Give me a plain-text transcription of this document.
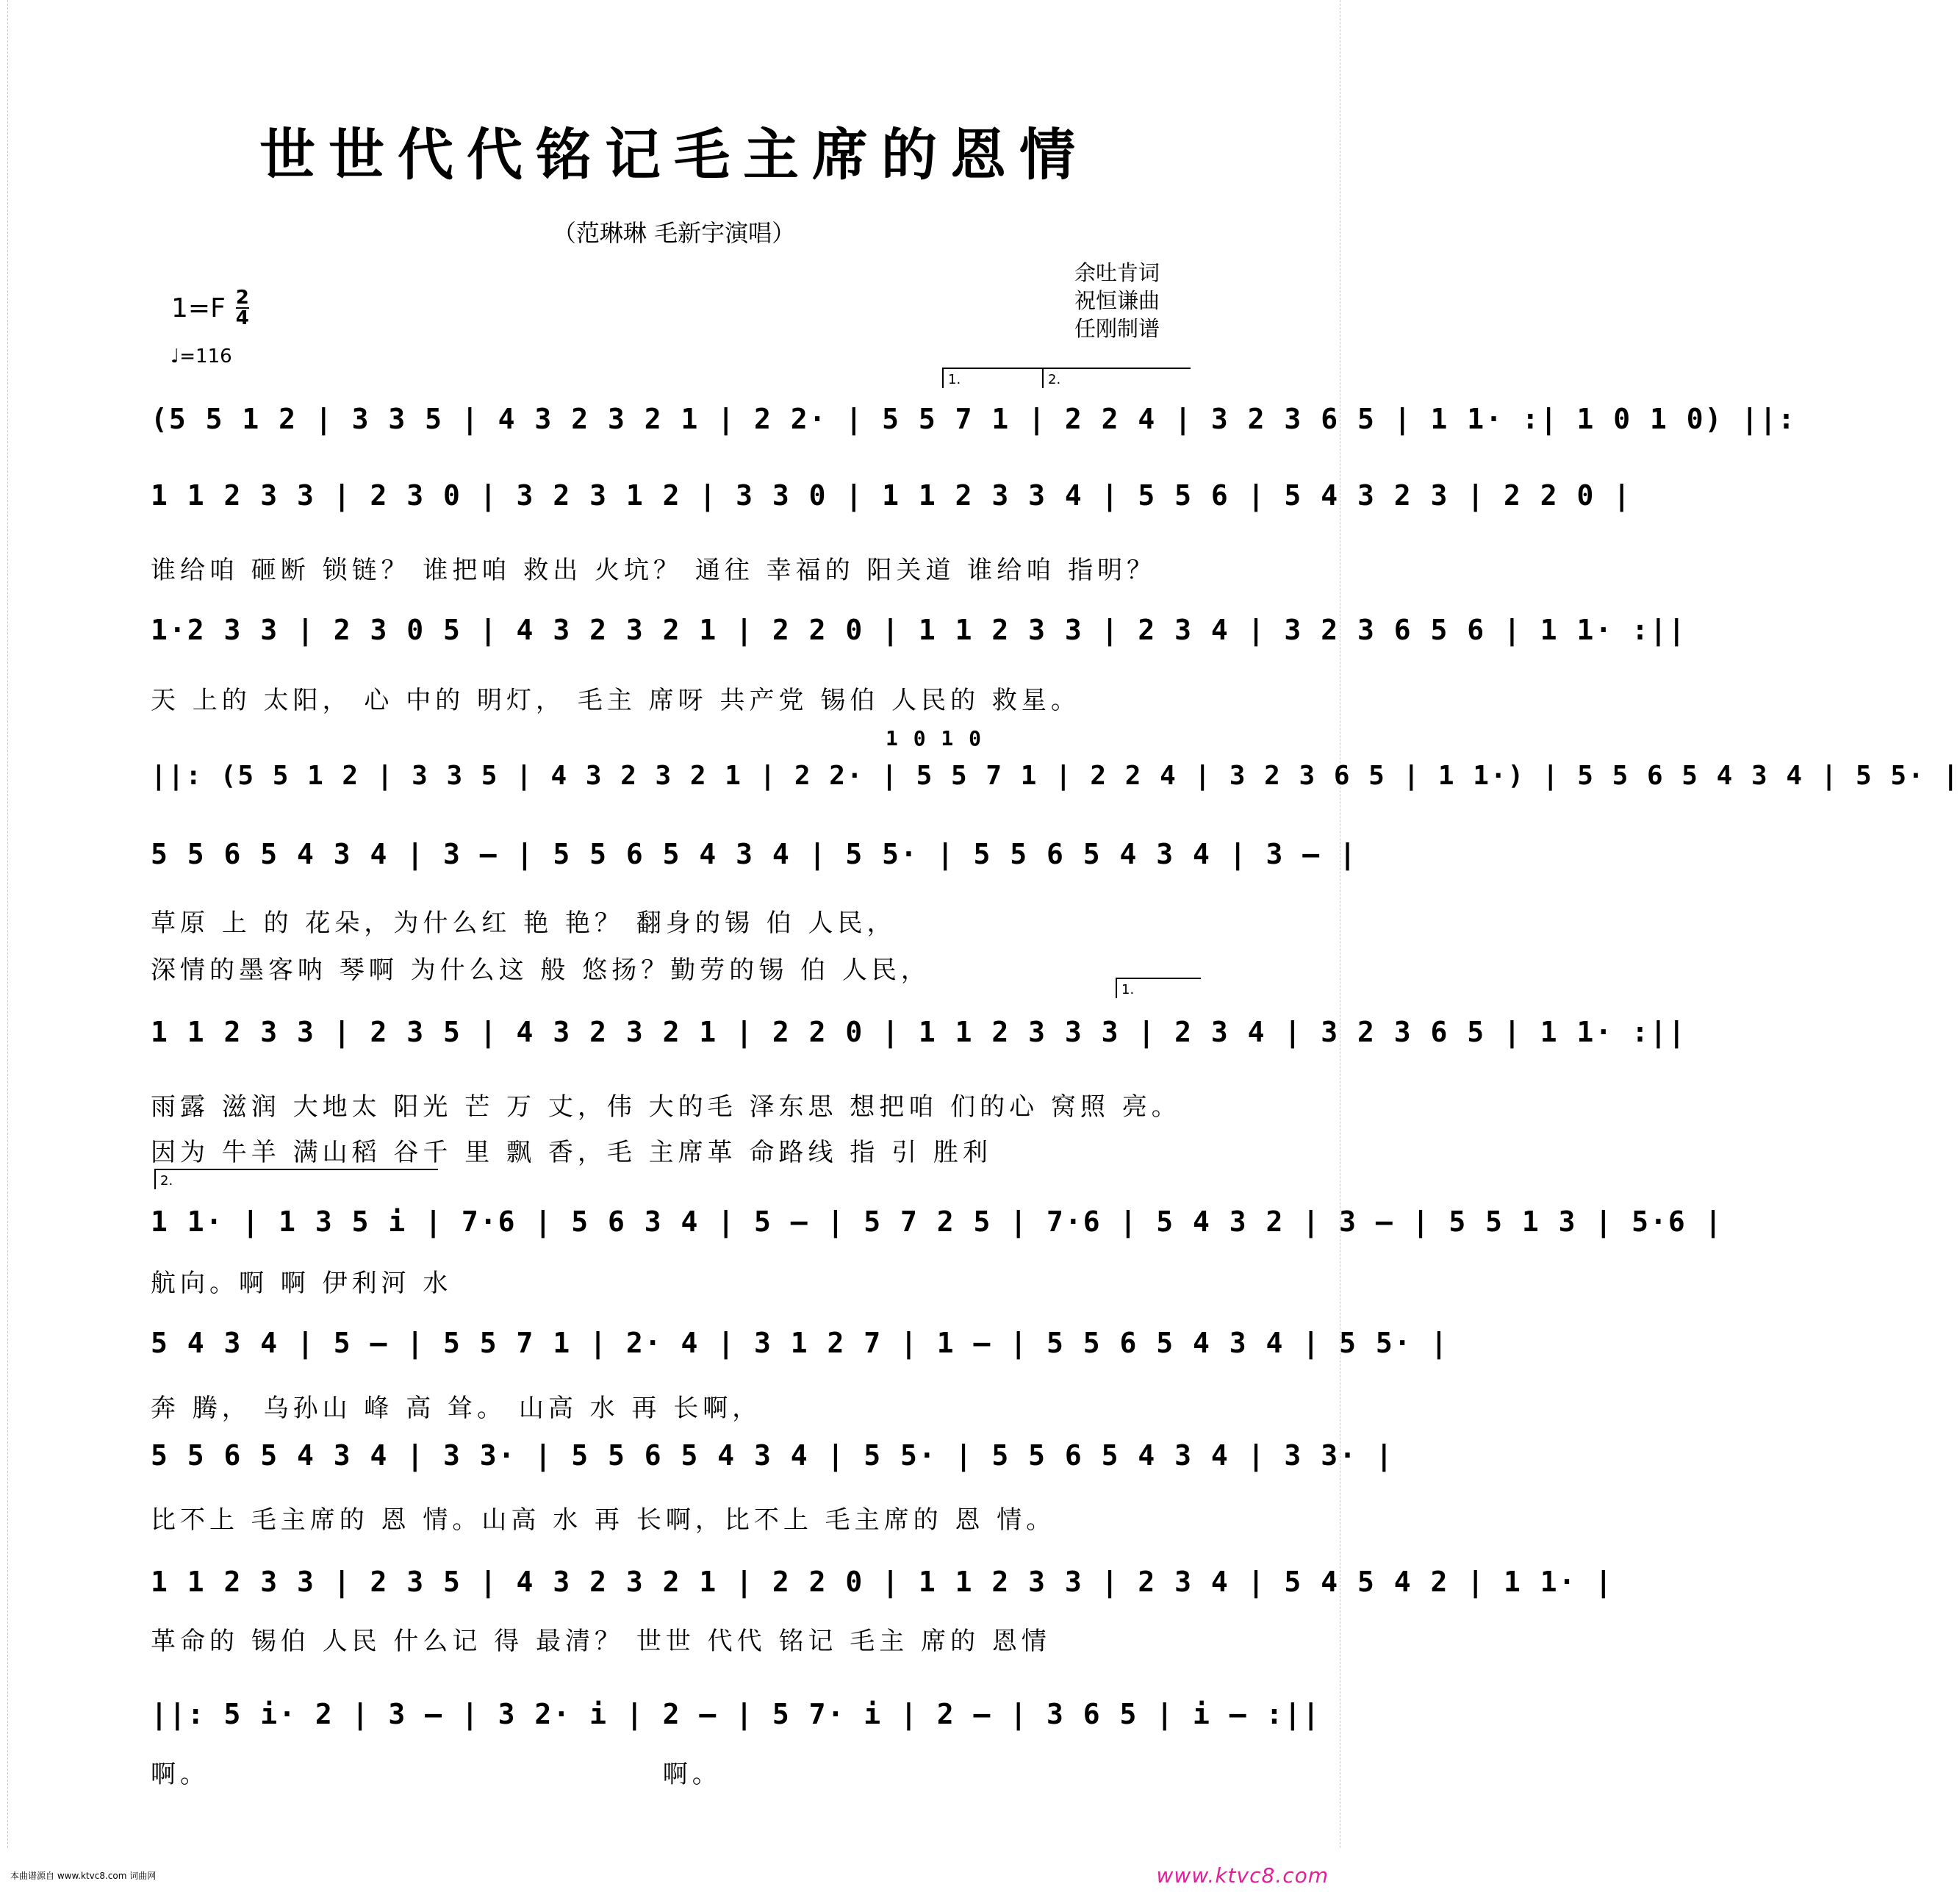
世世代代铭记毛主席的恩情
（范琳琳 毛新宇演唱）
余吐肯词
祝恒谦曲
任刚制谱
1=F 2
4
♩=116
1.	2.
(5 5 1 2 | 3 3 5 | 4 3 2 3 2 1 | 2 2· | 5 5 7 1 | 2 2 4 | 3 2 3 6 5 | 1 1· :| 1 0 1 0) ||:
1 1 2 3 3 | 2 3 0 | 3 2 3 1 2 | 3 3 0 | 1 1 2 3 3 4 | 5 5 6 | 5 4 3 2 3 | 2 2 0 |
谁给咱 砸断 锁链？ 谁把咱 救出 火坑？ 通往 幸福的 阳关道 谁给咱 指明？
1·2 3 3 | 2 3 0 5 | 4 3 2 3 2 1 | 2 2 0 | 1 1 2 3 3 | 2 3 4 | 3 2 3 6 5 6 | 1 1· :||
天 上的 太阳， 心 中的 明灯， 毛主 席呀 共产党 锡伯 人民的 救星。
1 0 1 0
||: (5 5 1 2 | 3 3 5 | 4 3 2 3 2 1 | 2 2· | 5 5 7 1 | 2 2 4 | 3 2 3 6 5 | 1 1·) | 5 5 6 5 4 3 4 | 5 5· |
5 5 6 5 4 3 4 | 3 – | 5 5 6 5 4 3 4 | 5 5· | 5 5 6 5 4 3 4 | 3 – |
草原 上 的 花朵，为什么红 艳 艳？ 翻身的锡 伯 人民，
深情的墨客呐 琴啊 为什么这 般 悠扬？勤劳的锡 伯 人民，
1.
1 1 2 3 3 | 2 3 5 | 4 3 2 3 2 1 | 2 2 0 | 1 1 2 3 3 3 | 2 3 4 | 3 2 3 6 5 | 1 1· :||
雨露 滋润 大地太 阳光 芒 万 丈，伟 大的毛 泽东思 想把咱 们的心 窝照 亮。
因为 牛羊 满山稻 谷千 里 飘 香，毛 主席革 命路线 指 引 胜利
2.
1 1· | 1 3 5 i | 7·6 | 5 6 3 4 | 5 – | 5 7 2 5 | 7·6 | 5 4 3 2 | 3 – | 5 5 1 3 | 5·6 |
航向。啊 啊 伊利河 水
5 4 3 4 | 5 – | 5 5 7 1 | 2· 4 | 3 1 2 7 | 1 – | 5 5 6 5 4 3 4 | 5 5· |
奔 腾， 乌孙山 峰 高 耸。 山高 水 再 长啊，
5 5 6 5 4 3 4 | 3 3· | 5 5 6 5 4 3 4 | 5 5· | 5 5 6 5 4 3 4 | 3 3· |
比不上 毛主席的 恩 情。山高 水 再 长啊，比不上 毛主席的 恩 情。
1 1 2 3 3 | 2 3 5 | 4 3 2 3 2 1 | 2 2 0 | 1 1 2 3 3 | 2 3 4 | 5 4 5 4 2 | 1 1· |
革命的 锡伯 人民 什么记 得 最清？ 世世 代代 铭记 毛主 席的 恩情
||: 5 i· 2 | 3 – | 3 2· i | 2 – | 5 7· i | 2 – | 3 6 5 | i – :||
啊。 啊。
本曲谱源自 www.ktvc8.com 词曲网	www.ktvc8.com
